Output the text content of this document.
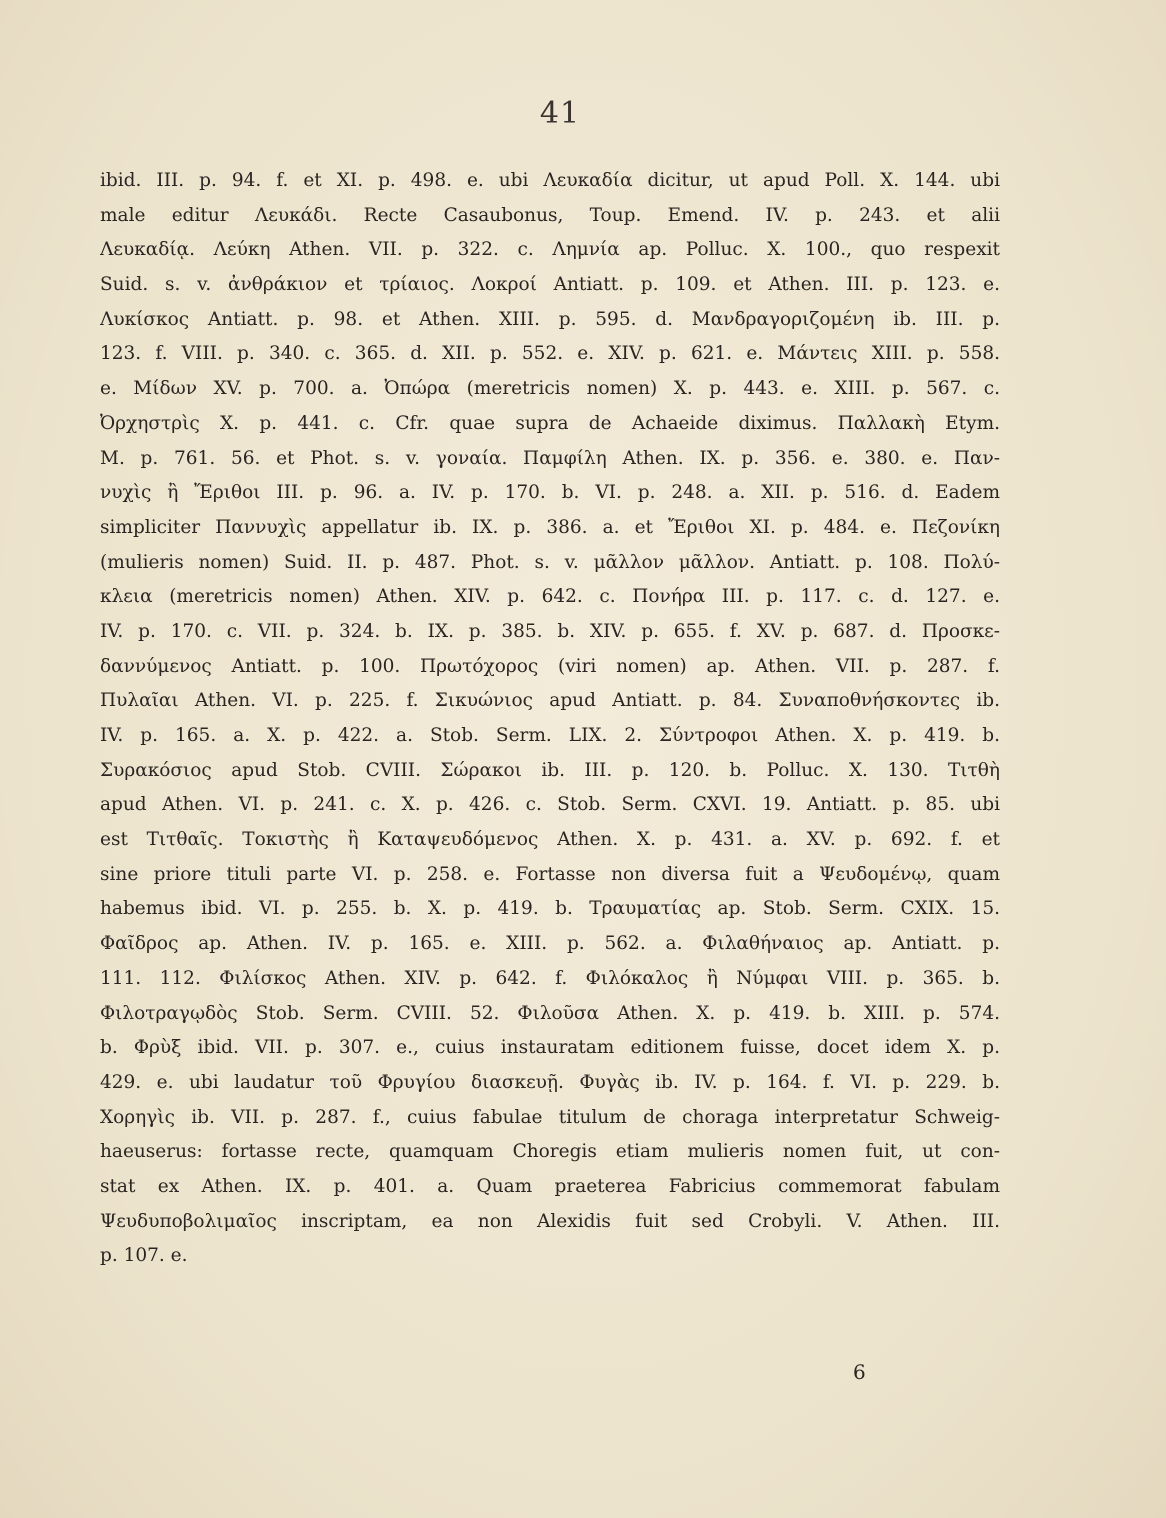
41
ibid. III. p. 94. f. et XI. p. 498. e. ubi Λευκαδία dicitur, ut apud Poll. X. 144. ubi
male editur Λευκάδι. Recte Casaubonus, Toup. Emend. IV. p. 243. et alii
Λευκαδίᾳ. Λεύκη Athen. VII. p. 322. c. Λημνία ap. Polluc. X. 100., quo respexit
Suid. s. v. ἀνθράκιον et τρίαιος. Λοκροί Antiatt. p. 109. et Athen. III. p. 123. e.
Λυκίσκος Antiatt. p. 98. et Athen. XIII. p. 595. d. Μανδραγοριζομένη ib. III. p.
123. f. VIII. p. 340. c. 365. d. XII. p. 552. e. XIV. p. 621. e. Μάντεις XIII. p. 558.
e. Μίδων XV. p. 700. a. Ὀπώρα (meretricis nomen) X. p. 443. e. XIII. p. 567. c.
Ὀρχηστρὶς X. p. 441. c. Cfr. quae supra de Achaeide diximus. Παλλακὴ Etym.
M. p. 761. 56. et Phot. s. v. γοναία. Παμφίλη Athen. IX. p. 356. e. 380. e. Παν-
νυχὶς ἢ Ἔριθοι III. p. 96. a. IV. p. 170. b. VI. p. 248. a. XII. p. 516. d. Eadem
simpliciter Παννυχὶς appellatur ib. IX. p. 386. a. et Ἔριθοι XI. p. 484. e. Πεζονίκη
(mulieris nomen) Suid. II. p. 487. Phot. s. v. μᾶλλον μᾶλλον. Antiatt. p. 108. Πολύ-
κλεια (meretricis nomen) Athen. XIV. p. 642. c. Πονήρα III. p. 117. c. d. 127. e.
IV. p. 170. c. VII. p. 324. b. IX. p. 385. b. XIV. p. 655. f. XV. p. 687. d. Προσκε-
δαννύμενος Antiatt. p. 100. Πρωτόχορος (viri nomen) ap. Athen. VII. p. 287. f.
Πυλαῖαι Athen. VI. p. 225. f. Σικυώνιος apud Antiatt. p. 84. Συναποθνήσκοντες ib.
IV. p. 165. a. X. p. 422. a. Stob. Serm. LIX. 2. Σύντροφοι Athen. X. p. 419. b.
Συρακόσιος apud Stob. CVIII. Σώρακοι ib. III. p. 120. b. Polluc. X. 130. Τιτθὴ
apud Athen. VI. p. 241. c. X. p. 426. c. Stob. Serm. CXVI. 19. Antiatt. p. 85. ubi
est Τιτθαῖς. Τοκιστὴς ἢ Καταψευδόμενος Athen. X. p. 431. a. XV. p. 692. f. et
sine priore tituli parte VI. p. 258. e. Fortasse non diversa fuit a Ψευδομένῳ, quam
habemus ibid. VI. p. 255. b. X. p. 419. b. Τραυματίας ap. Stob. Serm. CXIX. 15.
Φαῖδρος ap. Athen. IV. p. 165. e. XIII. p. 562. a. Φιλαθήναιος ap. Antiatt. p.
111. 112. Φιλίσκος Athen. XIV. p. 642. f. Φιλόκαλος ἢ Νύμφαι VIII. p. 365. b.
Φιλοτραγῳδὸς Stob. Serm. CVIII. 52. Φιλοῦσα Athen. X. p. 419. b. XIII. p. 574.
b. Φρὺξ ibid. VII. p. 307. e., cuius instauratam editionem fuisse, docet idem X. p.
429. e. ubi laudatur τοῦ Φρυγίου διασκευῇ. Φυγὰς ib. IV. p. 164. f. VI. p. 229. b.
Χορηγὶς ib. VII. p. 287. f., cuius fabulae titulum de choraga interpretatur Schweig-
haeuserus: fortasse recte, quamquam Choregis etiam mulieris nomen fuit, ut con-
stat ex Athen. IX. p. 401. a. Quam praeterea Fabricius commemorat fabulam
Ψευδυποβολιμαῖος inscriptam, ea non Alexidis fuit sed Crobyli. V. Athen. III.
p. 107. e.
6
